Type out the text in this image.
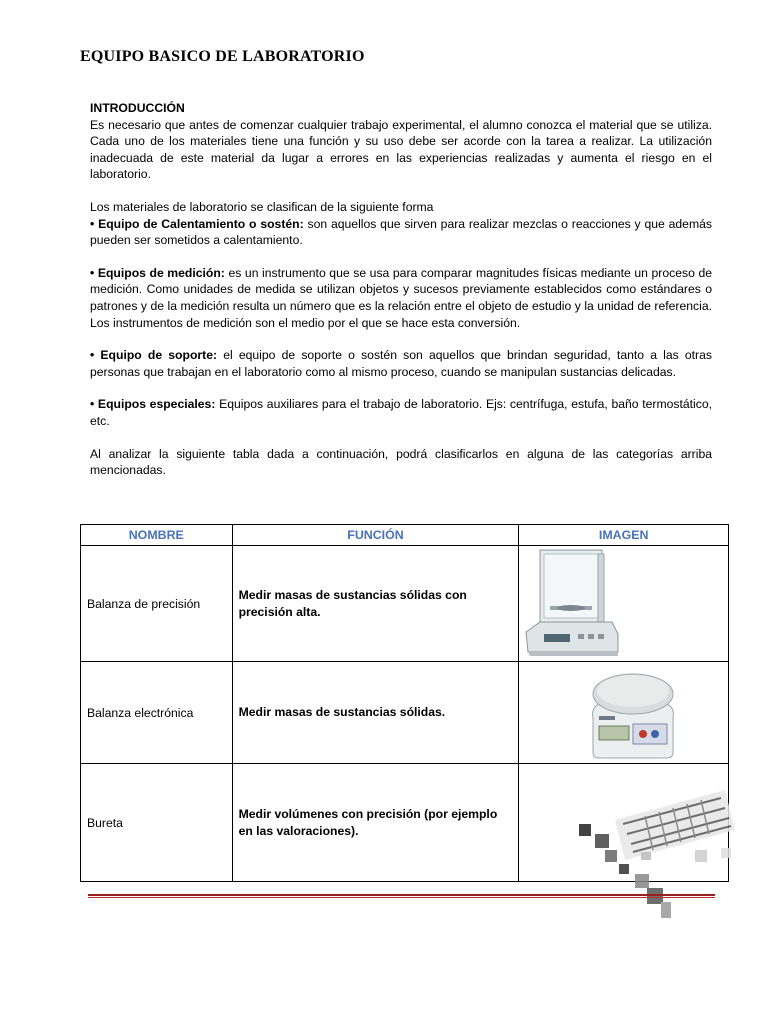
EQUIPO BASICO DE LABORATORIO

INTRODUCCIÓN

Es necesario que antes de comenzar cualquier trabajo experimental, el alumno conozca el material que se utiliza. Cada uno de los materiales tiene una función y su uso debe ser acorde con la tarea a realizar. La utilización inadecuada de este material da lugar a errores en las experiencias realizadas y aumenta el riesgo en el laboratorio.

Los materiales de laboratorio se clasifican de la siguiente forma

• Equipo de Calentamiento o sostén: son aquellos que sirven para realizar mezclas o reacciones y que además pueden ser sometidos a calentamiento.

• Equipos de medición: es un instrumento que se usa para comparar magnitudes físicas mediante un proceso de medición. Como unidades de medida se utilizan objetos y sucesos previamente establecidos como estándares o patrones y de la medición resulta un número que es la relación entre el objeto de estudio y la unidad de referencia. Los instrumentos de medición son el medio por el que se hace esta conversión.

• Equipo de soporte: el equipo de soporte o sostén son aquellos que brindan seguridad, tanto a las otras personas que trabajan en el laboratorio como al mismo proceso, cuando se manipulan sustancias delicadas.

• Equipos especiales: Equipos auxiliares para el trabajo de laboratorio. Ejs: centrífuga, estufa, baño termostático, etc.

Al analizar la siguiente tabla dada a continuación, podrá clasificarlos en alguna de las categorías arriba mencionadas.

NOMBRE	FUNCIÓN	IMAGEN
Balanza de precisión	Medir masas de sustancias sólidas con precisión alta.	

Balanza electrónica	Medir masas de sustancias sólidas.	

Bureta	Medir volúmenes con precisión (por ejemplo en las valoraciones).	
